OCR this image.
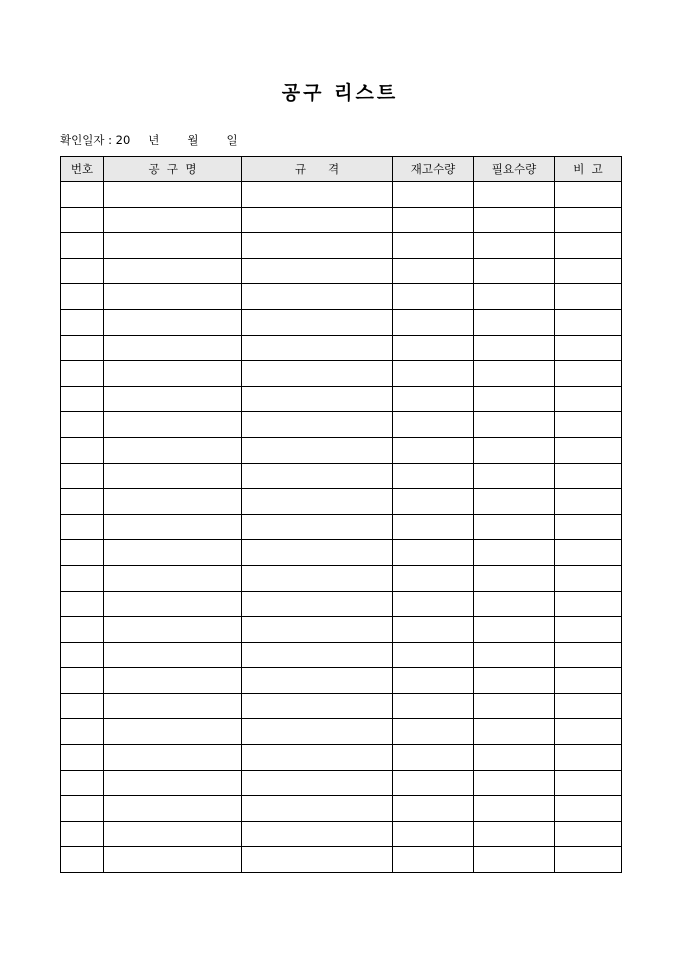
공구 리스트
확인일자 : 20 년 월 일
번호	공  구  명	규      격	재고수량	필요수량	비  고
